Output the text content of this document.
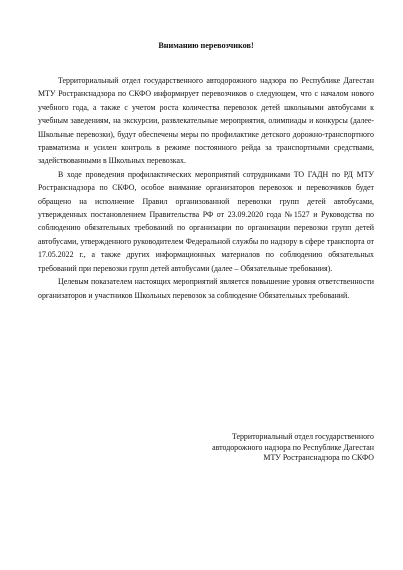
Вниманию перевозчиков!

Территориальный отдел государственного автодорожного надзора по Республике Дагестан МТУ Ространснадзора по СКФО информирует перевозчиков о следующем, что с началом нового учебного года, а также с учетом роста количества перевозок детей школьными автобусами к учебным заведениям, на экскурсии, развлекательные мероприятия, олимпиады и конкурсы (далее-Школьные перевозки), будут обеспечены меры по профилактике детского дорожно-транспортного травматизма и усилен контроль в режиме постоянного рейда за транспортными средствами, задействованными в Школьных перевозках.

В ходе проведения профилактических мероприятий сотрудниками ТО ГАДН по РД МТУ Ространснадзора по СКФО, особое внимание организаторов перевозок и перевозчиков будет обращено на исполнение Правил организованной перевозки групп детей автобусами, утвержденных постановлением Правительства РФ от 23.09.2020 года №1527 и Руководства по соблюдению обязательных требований по организации по организации перевозки групп детей автобусами, утвержденного руководителем Федеральной службы по надзору в сфере транспорта от 17.05.2022 г., а также других информационных материалов по соблюдению обязательных требований при перевозки групп детей автобусами (далее – Обязательные требования).

Целевым показателем настоящих мероприятий является повышение уровня ответственности организаторов и участников Школьных перевозок за соблюдение Обязательных требований.

Территориальный отдел государственного
автодорожного надзора по Республике Дагестан
МТУ Ространснадзора по СКФО
